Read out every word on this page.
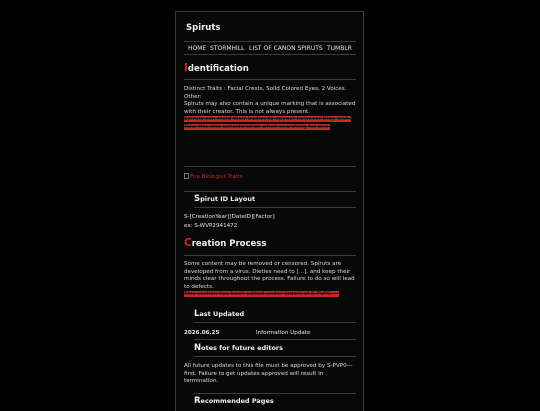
Spiruts
HOME STORMHILL LIST OF CANON SPIRUTS TUMBLR
Identification
Distinct Traits : Facial Crests, Solid Colored Eyes, 2 Voices.
Other:
Spiruts may also contain a unique marking that is associated with their creator. This is not always present.
Spiruts can mold their bodies to appear however they wish. Take this into consideration when searching for one.
Fire Biologist Traits
Spirut ID Layout
S-[CreationYear][DateID][Factor]
ex: S-WVP2941472
Creation Process
Some content may be removed or censored. Spiruts are developed from a virus. Dieties need to [...], and keep their minds clear throughout the process. Failure to do so will lead to defects.
This section has been edited under orders of S-PVP0----
Last Updated
2026.06.25	Information Update
Notes for future editors
All future updates to this file must be approved by S-PVP0--- first. Failure to get updates approved will result in termination.
Recommended Pages
